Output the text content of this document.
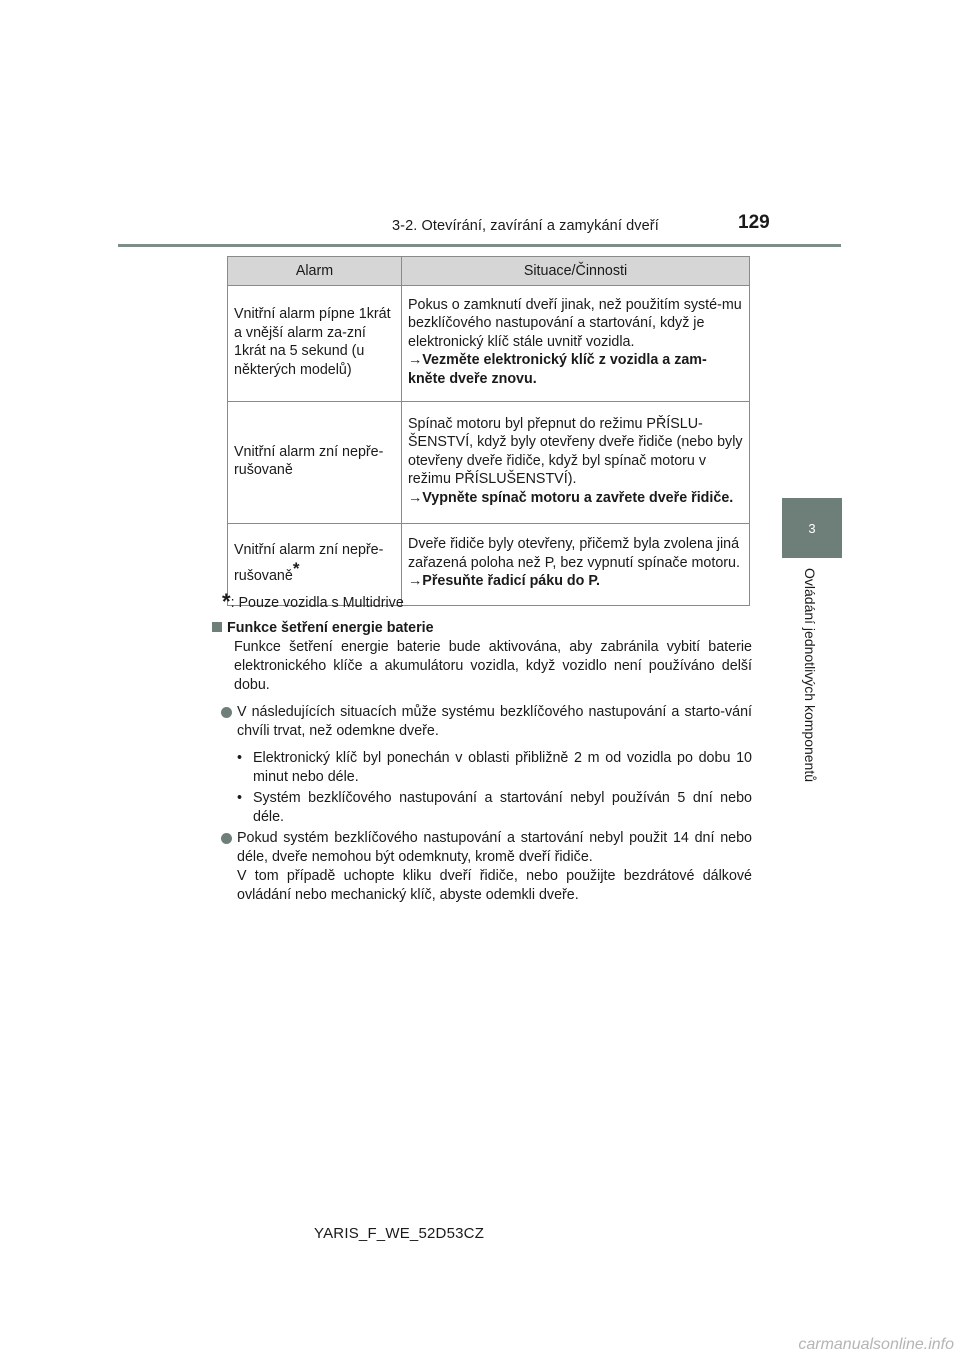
3-2. Otevírání, zavírání a zamykání dveří	129
3
Ovládání jednotlivých komponentů
Alarm	Situace/Činnosti
Vnitřní alarm pípne 1krát a vnější alarm za-zní 1krát na 5 sekund (u některých modelů)	Pokus o zamknutí dveří jinak, než použitím systé-mu bezklíčového nastupování a startování, když je elektronický klíč stále uvnitř vozidla.
→Vezměte elektronický klíč z vozidla a zam-kněte dveře znovu.

Vnitřní alarm zní nepře-rušovaně	Spínač motoru byl přepnut do režimu PŘÍSLU-ŠENSTVÍ, když byly otevřeny dveře řidiče (nebo byly otevřeny dveře řidiče, když byl spínač motoru v režimu PŘÍSLUŠENSTVÍ).
→Vypněte spínač motoru a zavřete dveře řidiče.

Vnitřní alarm zní nepře-rušovaně*	Dveře řidiče byly otevřeny, přičemž byla zvolena jiná zařazená poloha než P, bez vypnutí spínače motoru.
→Přesuňte řadicí páku do P.
*: Pouze vozidla s Multidrive
Funkce šetření energie baterie

Funkce šetření energie baterie bude aktivována, aby zabránila vybití baterie elektronického klíče a akumulátoru vozidla, když vozidlo není používáno delší dobu.

V následujících situacích může systému bezklíčového nastupování a starto-vání chvíli trvat, než odemkne dveře.
• Elektronický klíč byl ponechán v oblasti přibližně 2 m od vozidla po dobu 10 minut nebo déle.
• Systém bezklíčového nastupování a startování nebyl používán 5 dní nebo déle.
Pokud systém bezklíčového nastupování a startování nebyl použit 14 dní nebo déle, dveře nemohou být odemknuty, kromě dveří řidiče.
V tom případě uchopte kliku dveří řidiče, nebo použijte bezdrátové dálkové ovládání nebo mechanický klíč, abyste odemkli dveře.
YARIS_F_WE_52D53CZ
carmanualsonline.info
